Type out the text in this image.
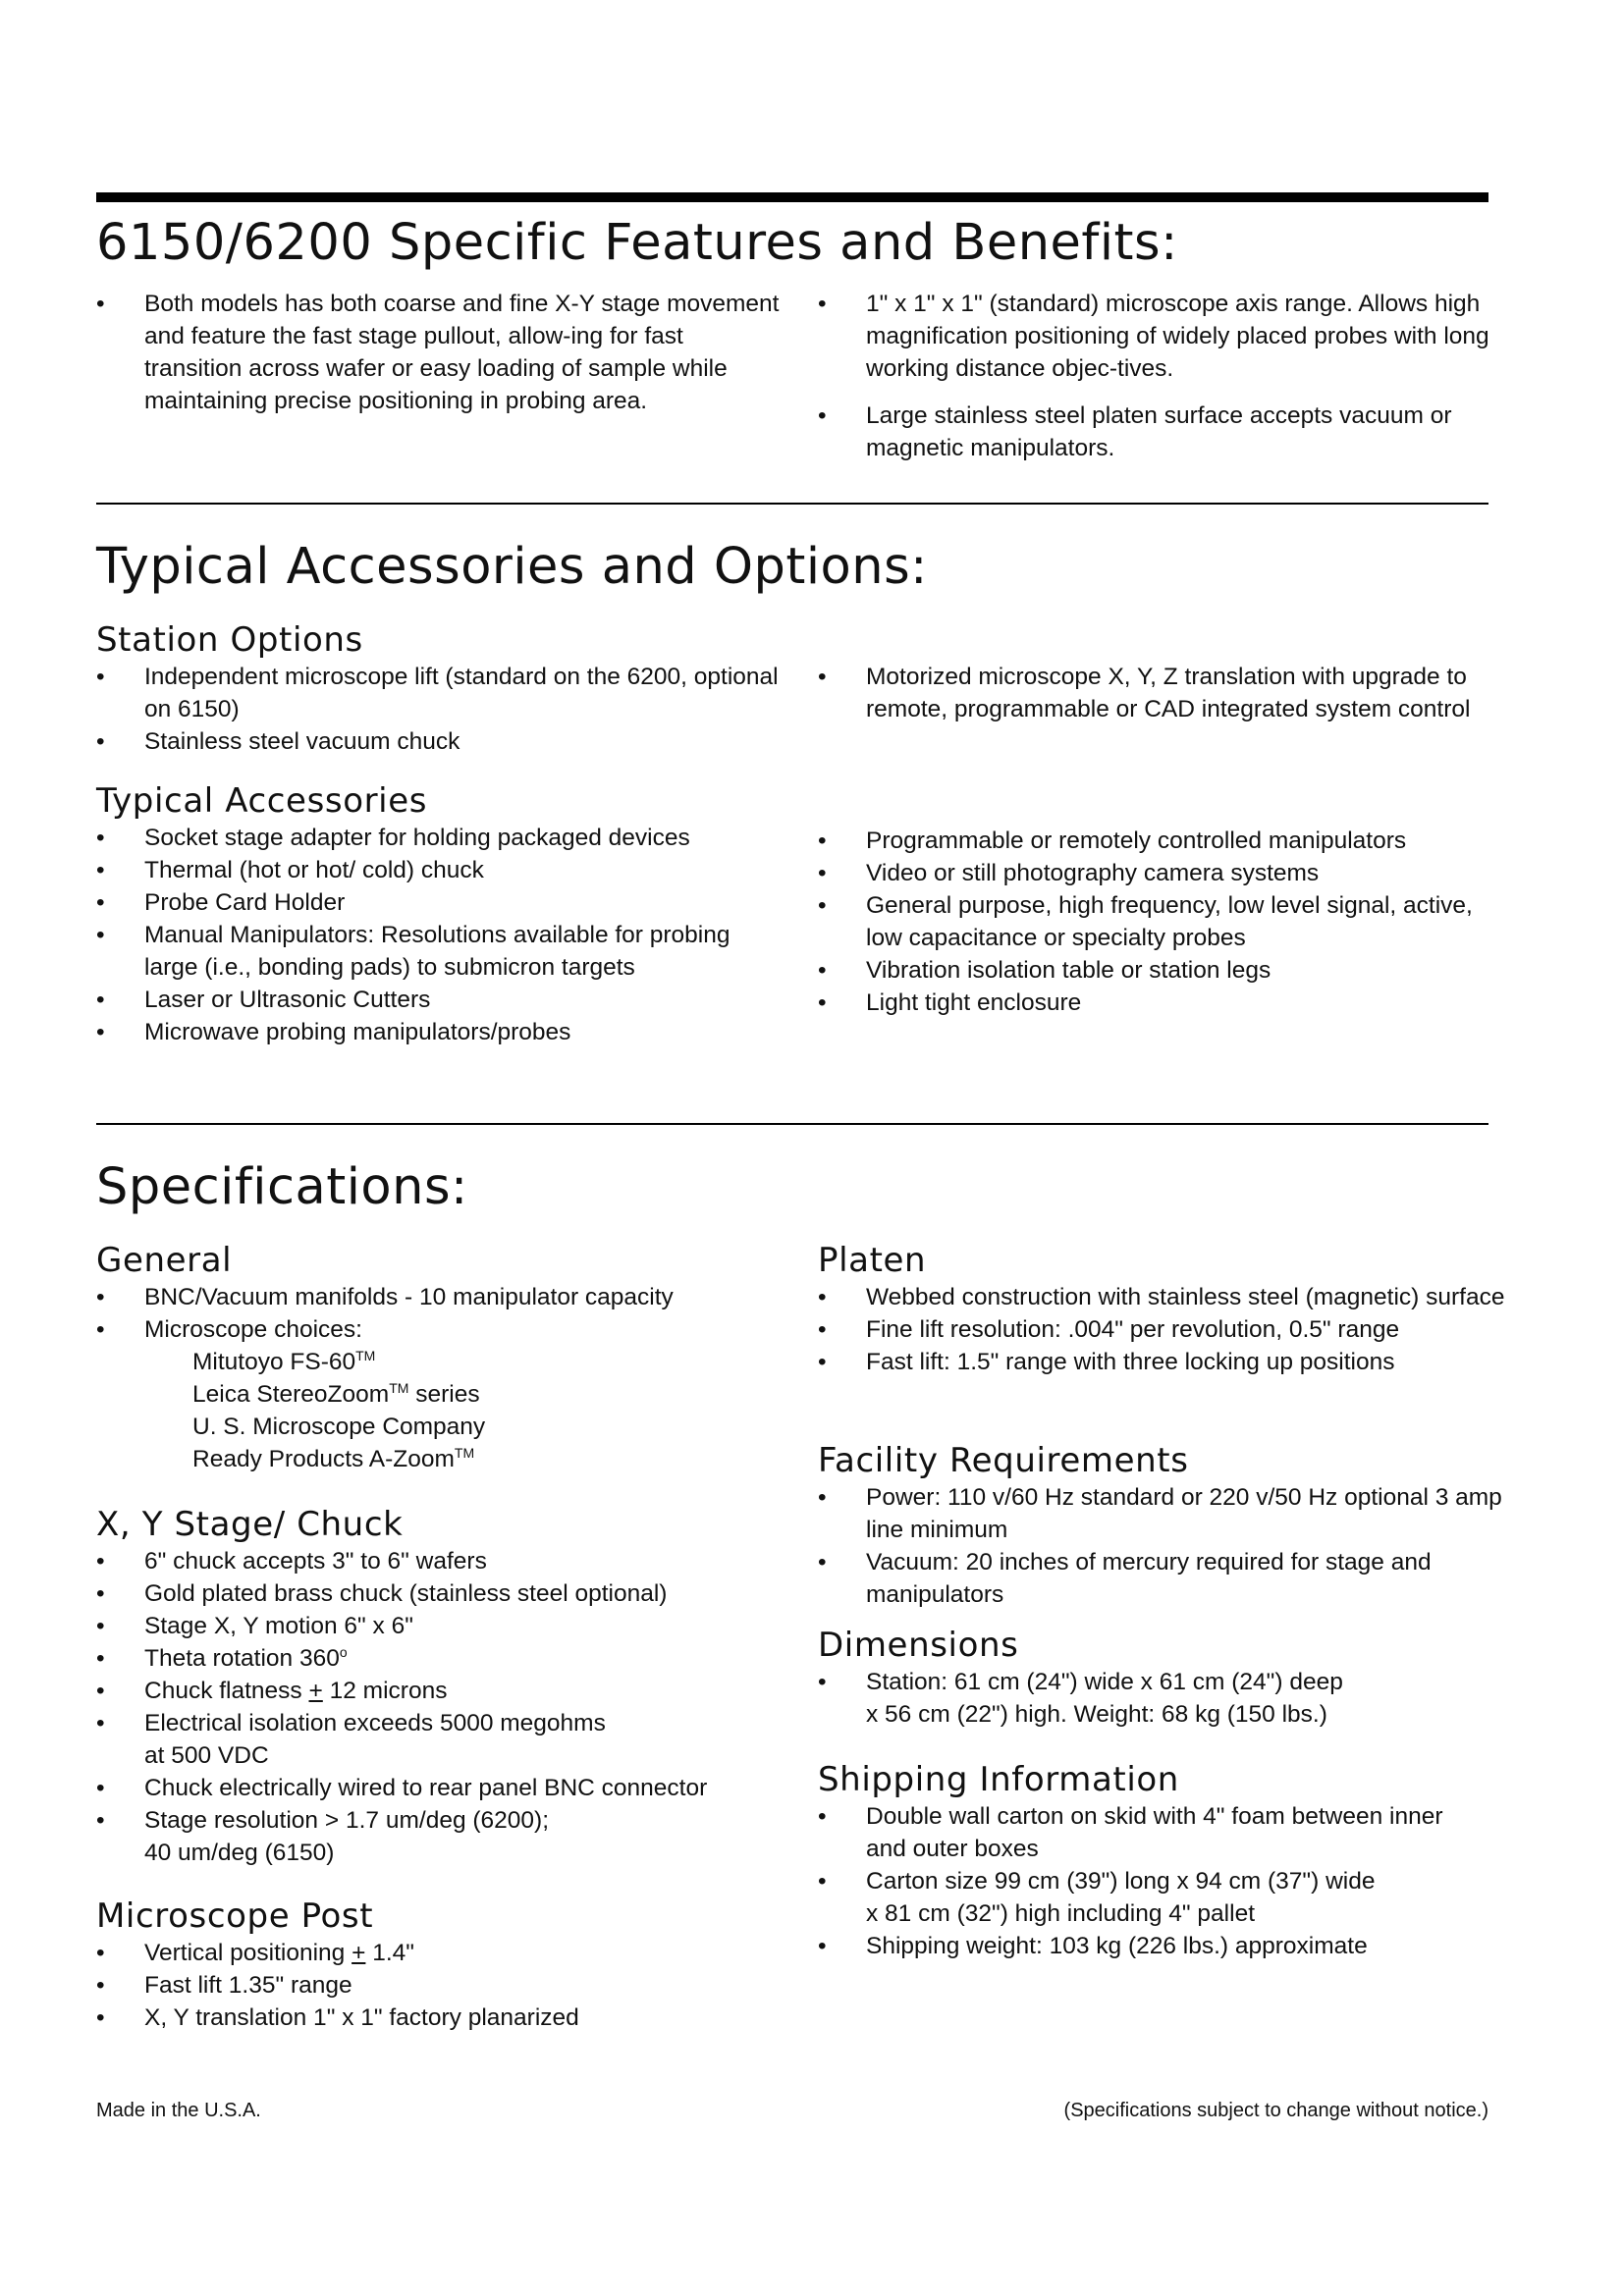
6150/6200 Specific Features and Benefits:
• Both models has both coarse and fine X-Y stage movement and feature the fast stage pullout, allow-ing for fast transition across wafer or easy loading of sample while maintaining precise positioning in probing area.
• 1" x 1" x 1" (standard) microscope axis range. Allows high magnification positioning of widely placed probes with long working distance objec-tives.
• Large stainless steel platen surface accepts vacuum or magnetic manipulators.
Typical Accessories and Options:
Station Options
• Independent microscope lift (standard on the 6200, optional on 6150)
• Stainless steel vacuum chuck
• Motorized microscope X, Y, Z translation with upgrade to remote, programmable or CAD integrated system control
Typical Accessories
• Socket stage adapter for holding packaged devices
• Thermal (hot or hot/ cold) chuck
• Probe Card Holder
• Manual Manipulators: Resolutions available for probing large (i.e., bonding pads) to submicron targets
• Laser or Ultrasonic Cutters
• Microwave probing manipulators/probes
• Programmable or remotely controlled manipulators
• Video or still photography camera systems
• General purpose, high frequency, low level signal, active, low capacitance or specialty probes
• Vibration isolation table or station legs
• Light tight enclosure
Specifications:
General
• BNC/Vacuum manifolds - 10 manipulator capacity
• Microscope choices:
Mitutoyo FS-60™
Leica StereoZoom™ series
U. S. Microscope Company
Ready Products A-Zoom™
X, Y Stage/ Chuck
• 6" chuck accepts 3" to 6" wafers
• Gold plated brass chuck (stainless steel optional)
• Stage X, Y motion 6" x 6"
• Theta rotation 360$^o$
• Chuck flatness + 12 microns
• Electrical isolation exceeds 5000 megohms
at 500 VDC
• Chuck electrically wired to rear panel BNC connector
• Stage resolution > 1.7 um/deg (6200);
40 um/deg (6150)
Microscope Post
• Vertical positioning + 1.4"
• Fast lift 1.35" range
• X, Y translation 1" x 1" factory planarized
Platen
• Webbed construction with stainless steel (magnetic) surface
• Fine lift resolution: .004" per revolution, 0.5" range
• Fast lift: 1.5" range with three locking up positions
Facility Requirements
• Power: 110 v/60 Hz standard or 220 v/50 Hz optional 3 amp line minimum
• Vacuum: 20 inches of mercury required for stage and manipulators
Dimensions
• Station: 61 cm (24") wide x 61 cm (24") deep
x 56 cm (22") high. Weight: 68 kg (150 lbs.)
Shipping Information
• Double wall carton on skid with 4" foam between inner and outer boxes
• Carton size 99 cm (39") long x 94 cm (37") wide
x 81 cm (32") high including 4" pallet
• Shipping weight: 103 kg (226 lbs.) approximate
Made in the U.S.A.	(Specifications subject to change without notice.)
